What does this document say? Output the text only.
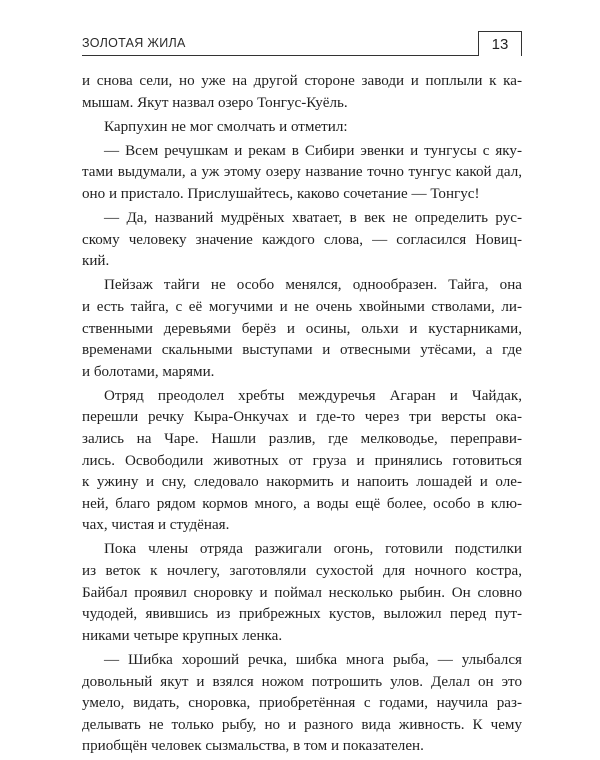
ЗОЛОТАЯ ЖИЛА	13
и снова сели, но уже на другой стороне заводи и поплыли к ка-
мышам. Якут назвал озеро Тонгус-Куёль.
Карпухин не мог смолчать и отметил:
— Всем речушкам и рекам в Сибири эвенки и тунгусы с яку-
тами выдумали, а уж этому озеру название точно тунгус какой дал,
оно и пристало. Прислушайтесь, каково сочетание — Тонгус!
— Да, названий мудрёных хватает, в век не определить рус-
скому человеку значение каждого слова, — согласился Новиц-
кий.
Пейзаж тайги не особо менялся, однообразен. Тайга, она
и есть тайга, с её могучими и не очень хвойными стволами, ли-
ственными деревьями берёз и осины, ольхи и кустарниками,
временами скальными выступами и отвесными утёсами, а где
и болотами, марями.
Отряд преодолел хребты междуречья Агаран и Чайдак,
перешли речку Кыра-Онкучах и где-то через три версты ока-
зались на Чаре. Нашли разлив, где мелководье, переправи-
лись. Освободили животных от груза и принялись готовиться
к ужину и сну, следовало накормить и напоить лошадей и оле-
ней, благо рядом кормов много, а воды ещё более, особо в клю-
чах, чистая и студёная.
Пока члены отряда разжигали огонь, готовили подстилки
из веток к ночлегу, заготовляли сухостой для ночного костра,
Байбал проявил сноровку и поймал несколько рыбин. Он словно
чудодей, явившись из прибрежных кустов, выложил перед пут-
никами четыре крупных ленка.
— Шибка хороший речка, шибка многа рыба, — улыбался
довольный якут и взялся ножом потрошить улов. Делал он это
умело, видать, сноровка, приобретённая с годами, научила раз-
делывать не только рыбу, но и разного вида живность. К чему
приобщён человек сызмальства, в том и показателен.
